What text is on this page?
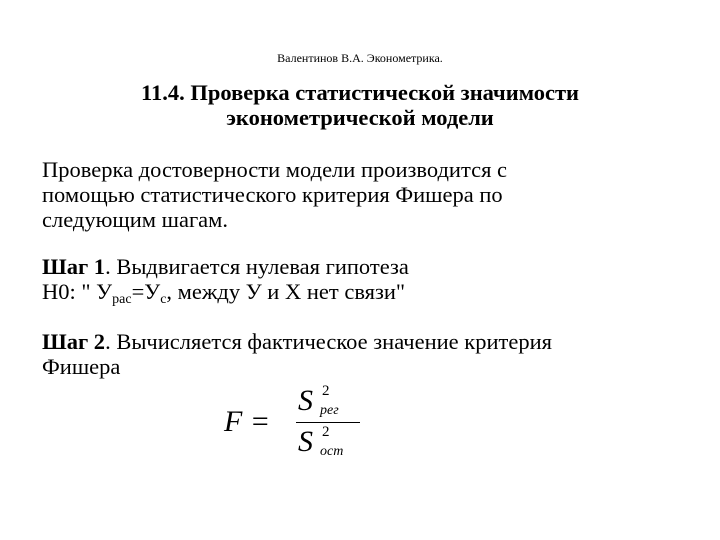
Валентинов В.А. Эконометрика.
11.4. Проверка статистической значимости
эконометрической модели
Проверка достоверности модели производится с
помощью статистического критерия Фишера по
следующим шагам.
Шаг 1. Выдвигается нулевая гипотеза
Н0: " $У_{рас}=У_с$, между У и Х нет связи"
Шаг 2. Вычисляется фактическое значение критерия
Фишера
F =
S 2
рег
S 2
ост
